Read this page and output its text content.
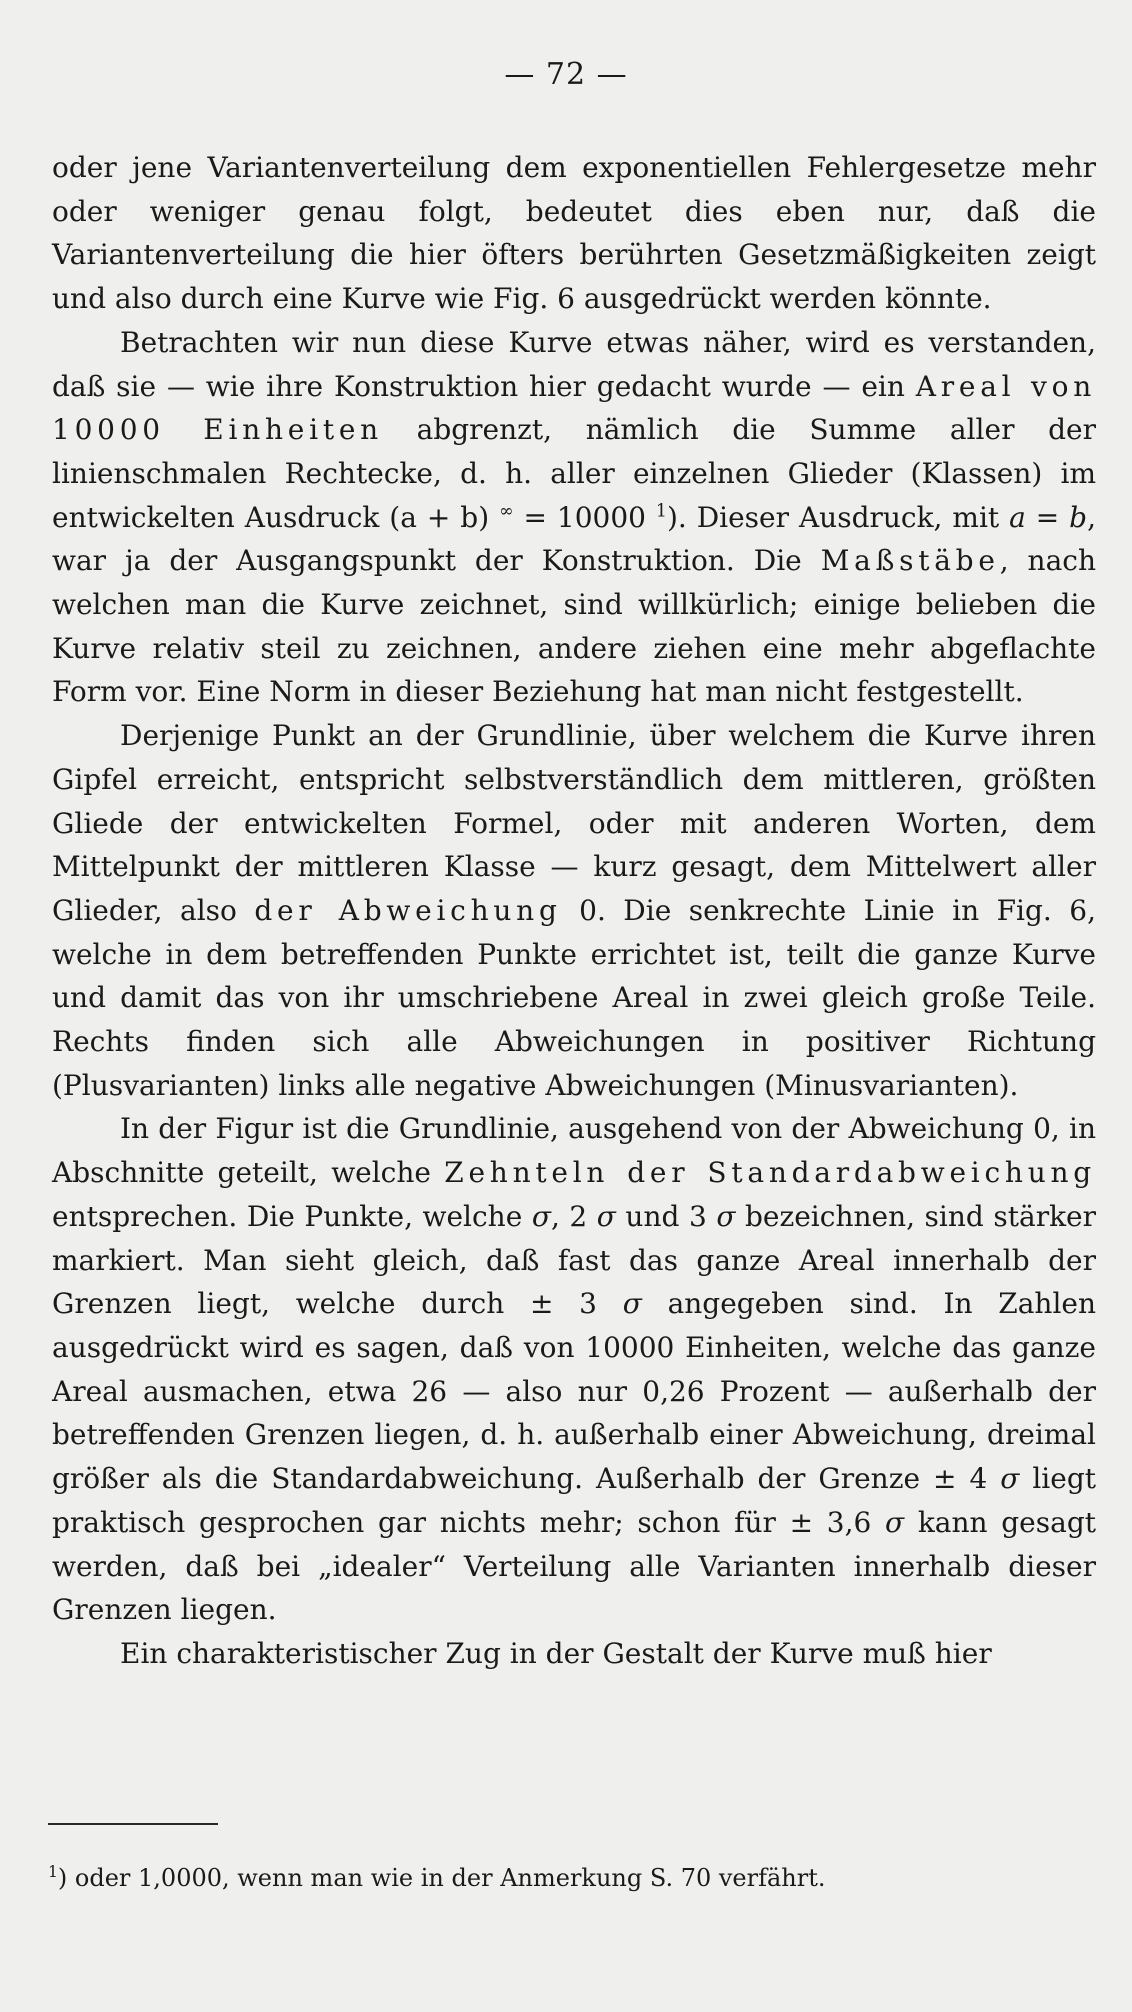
— 72 —

oder jene Variantenverteilung dem exponentiellen Fehlergesetze mehr oder weniger genau folgt, bedeutet dies eben nur, daß die Variantenverteilung die hier öfters berührten Gesetzmäßigkeiten zeigt und also durch eine Kurve wie Fig. 6 ausgedrückt werden könnte.

Betrachten wir nun diese Kurve etwas näher, wird es verstanden, daß sie — wie ihre Konstruktion hier gedacht wurde — ein Areal von 10000 Einheiten abgrenzt, nämlich die Summe aller der linienschmalen Rechtecke, d. h. aller einzelnen Glieder (Klassen) im entwickelten Ausdruck (a + b) ∞ = 10000 $^1$). Dieser Ausdruck, mit a = b, war ja der Ausgangspunkt der Konstruktion. Die Maßstäbe, nach welchen man die Kurve zeichnet, sind willkürlich; einige belieben die Kurve relativ steil zu zeichnen, andere ziehen eine mehr abgeflachte Form vor. Eine Norm in dieser Beziehung hat man nicht festgestellt.

Derjenige Punkt an der Grundlinie, über welchem die Kurve ihren Gipfel erreicht, entspricht selbstverständlich dem mittleren, größten Gliede der entwickelten Formel, oder mit anderen Worten, dem Mittelpunkt der mittleren Klasse — kurz gesagt, dem Mittelwert aller Glieder, also der Abweichung 0. Die senkrechte Linie in Fig. 6, welche in dem betreffenden Punkte errichtet ist, teilt die ganze Kurve und damit das von ihr umschriebene Areal in zwei gleich große Teile. Rechts finden sich alle Abweichungen in positiver Richtung (Plusvarianten) links alle negative Abweichungen (Minusvarianten).

In der Figur ist die Grundlinie, ausgehend von der Abweichung 0, in Abschnitte geteilt, welche Zehnteln der Standardabweichung entsprechen. Die Punkte, welche σ, 2 σ und 3 σ bezeichnen, sind stärker markiert. Man sieht gleich, daß fast das ganze Areal innerhalb der Grenzen liegt, welche durch ± 3 σ angegeben sind. In Zahlen ausgedrückt wird es sagen, daß von 10000 Einheiten, welche das ganze Areal ausmachen, etwa 26 — also nur 0,26 Prozent — außerhalb der betreffenden Grenzen liegen, d. h. außerhalb einer Abweichung, dreimal größer als die Standardabweichung. Außerhalb der Grenze ± 4 σ liegt praktisch gesprochen gar nichts mehr; schon für ± 3,6 σ kann gesagt werden, daß bei „idealer“ Verteilung alle Varianten innerhalb dieser Grenzen liegen.

Ein charakteristischer Zug in der Gestalt der Kurve muß hier

$^1$) oder 1,0000, wenn man wie in der Anmerkung S. 70 verfährt.
